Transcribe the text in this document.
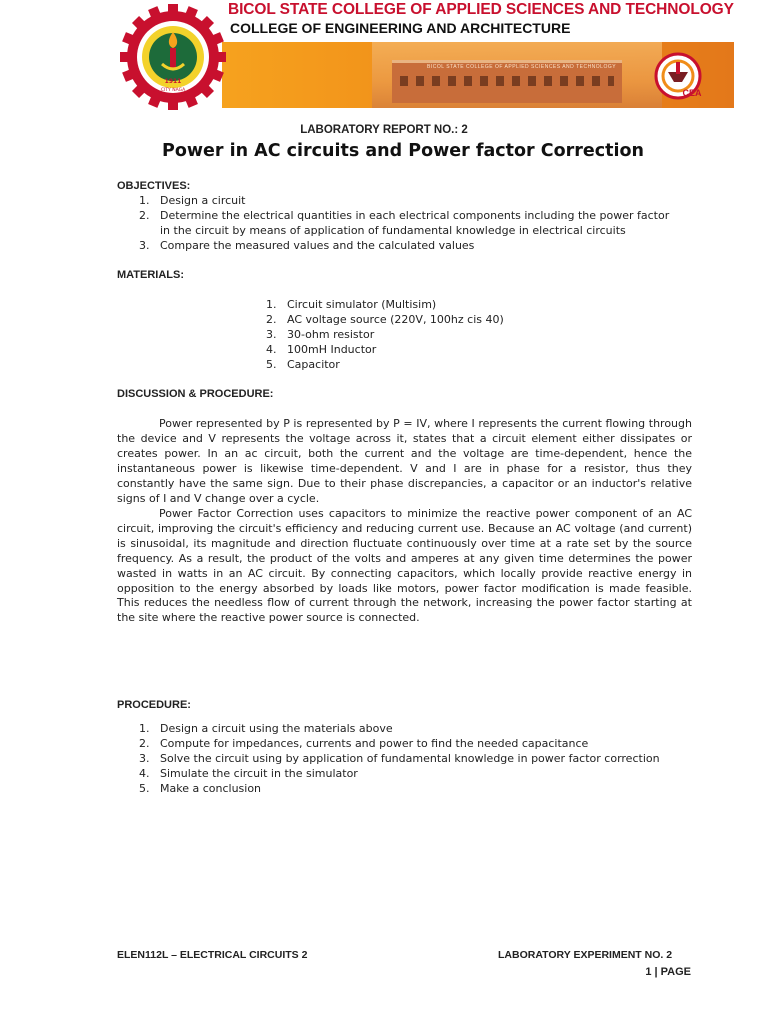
BICOL STATE COLLEGE OF APPLIED SCIENCES AND TECHNOLOGY
1911
CITY NAGA
BICOL STATE COLLEGE OF APPLIED SCIENCES AND TECHNOLOGY
COLLEGE OF ENGINEERING AND ARCHITECTURE
CEA
LABORATORY REPORT NO.: 2
Power in AC circuits and Power factor Correction
OBJECTIVES:
1. Design a circuit
2. Determine the electrical quantities in each electrical components including the power factor
in the circuit by means of application of fundamental knowledge in electrical circuits
3. Compare the measured values and the calculated values
MATERIALS:
1. Circuit simulator (Multisim)
2. AC voltage source (220V, 100hz cis 40)
3. 30-ohm resistor
4. 100mH Inductor
5. Capacitor
DISCUSSION & PROCEDURE:

Power represented by P is represented by P = IV, where I represents the current flowing through the device and V represents the voltage across it, states that a circuit element either dissipates or creates power. In an ac circuit, both the current and the voltage are time-dependent, hence the instantaneous power is likewise time-dependent. V and I are in phase for a resistor, thus they constantly have the same sign. Due to their phase discrepancies, a capacitor or an inductor's relative signs of I and V change over a cycle.

Power Factor Correction uses capacitors to minimize the reactive power component of an AC circuit, improving the circuit's efficiency and reducing current use. Because an AC voltage (and current) is sinusoidal, its magnitude and direction fluctuate continuously over time at a rate set by the source frequency. As a result, the product of the volts and amperes at any given time determines the power wasted in watts in an AC circuit. By connecting capacitors, which locally provide reactive energy in opposition to the energy absorbed by loads like motors, power factor modification is made feasible. This reduces the needless flow of current through the network, increasing the power factor starting at the site where the reactive power source is connected.

PROCEDURE:
1. Design a circuit using the materials above
2. Compute for impedances, currents and power to find the needed capacitance
3. Solve the circuit using by application of fundamental knowledge in power factor correction
4. Simulate the circuit in the simulator
5. Make a conclusion
ELEN112L – ELECTRICAL CIRCUITS 2	LABORATORY EXPERIMENT NO. 2
1 | PAGE
